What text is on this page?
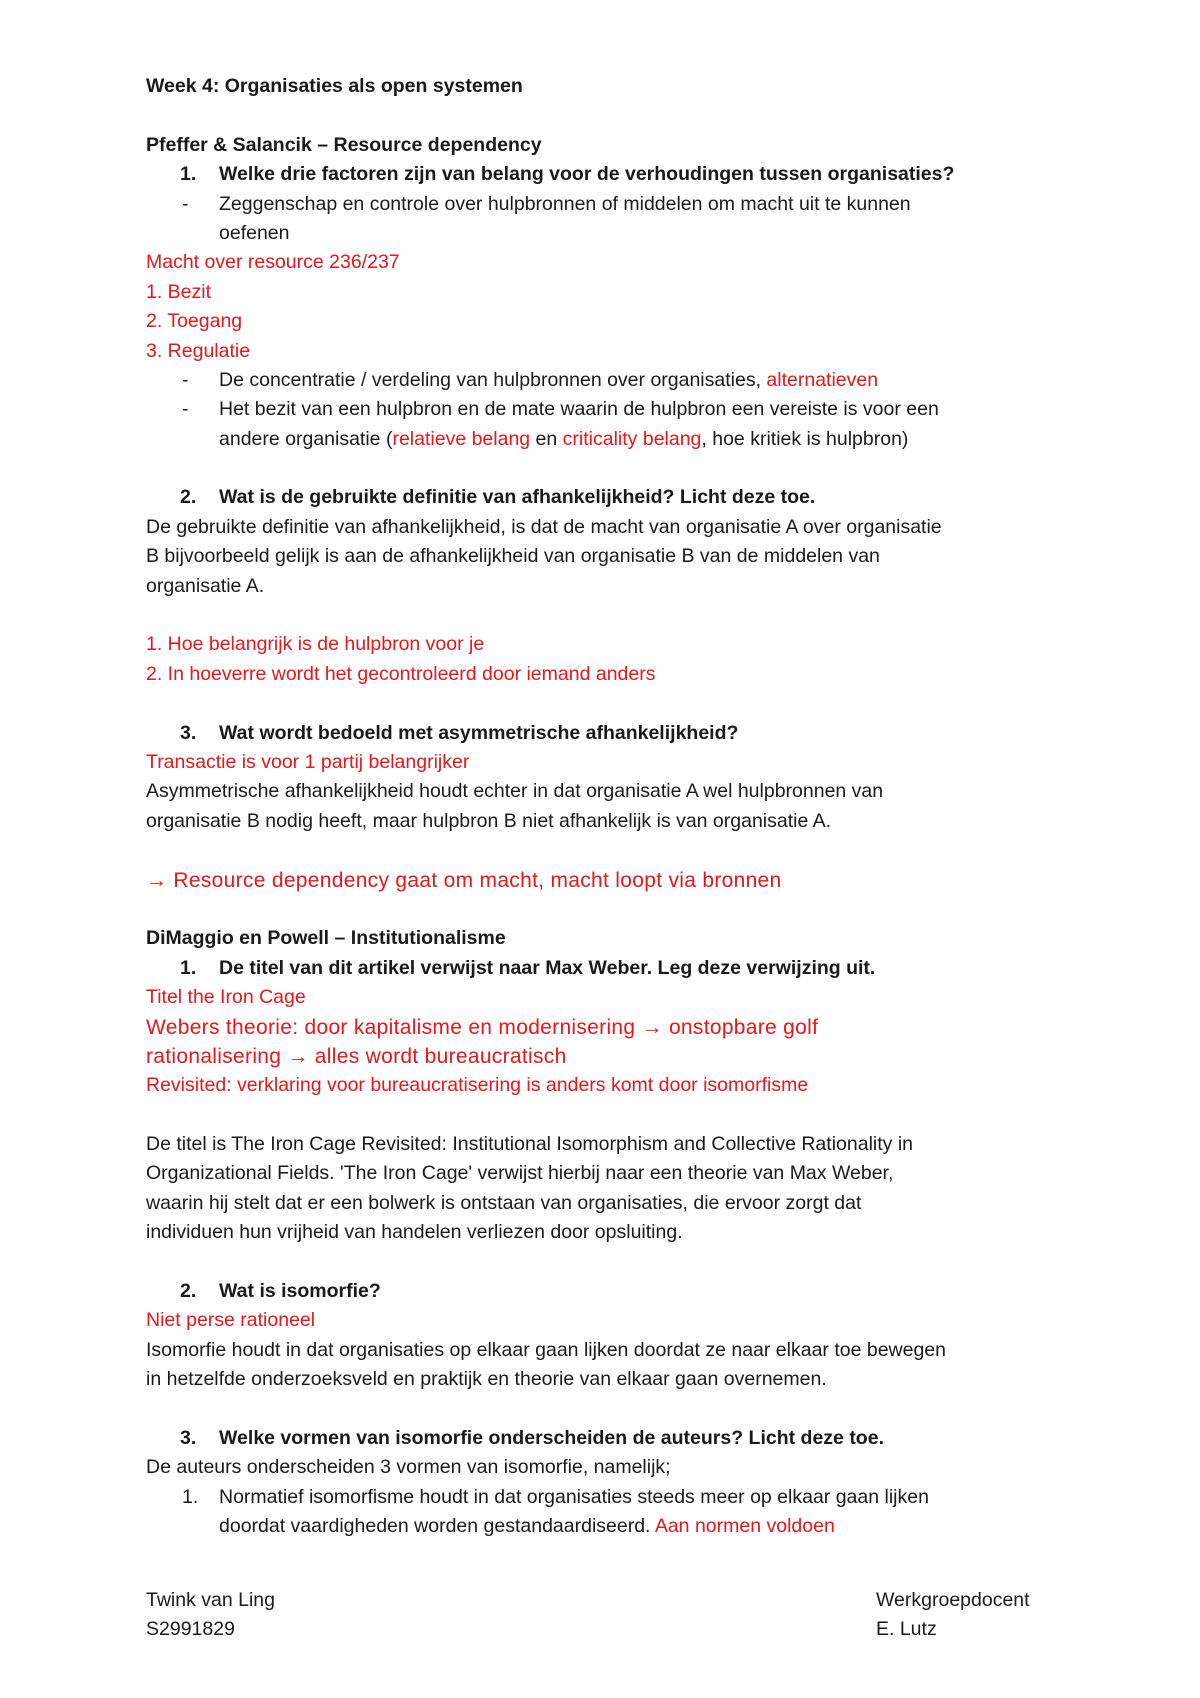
Week 4: Organisaties als open systemen
Pfeffer & Salancik – Resource dependency
1. Welke drie factoren zijn van belang voor de verhoudingen tussen organisaties?
- Zeggenschap en controle over hulpbronnen of middelen om macht uit te kunnen
oefenen
Macht over resource 236/237
1. Bezit
2. Toegang
3. Regulatie
- De concentratie / verdeling van hulpbronnen over organisaties, alternatieven
- Het bezit van een hulpbron en de mate waarin de hulpbron een vereiste is voor een
andere organisatie (relatieve belang en criticality belang, hoe kritiek is hulpbron)
2. Wat is de gebruikte definitie van afhankelijkheid? Licht deze toe.
De gebruikte definitie van afhankelijkheid, is dat de macht van organisatie A over organisatie
B bijvoorbeeld gelijk is aan de afhankelijkheid van organisatie B van de middelen van
organisatie A.
1. Hoe belangrijk is de hulpbron voor je
2. In hoeverre wordt het gecontroleerd door iemand anders
3. Wat wordt bedoeld met asymmetrische afhankelijkheid?
Transactie is voor 1 partij belangrijker
Asymmetrische afhankelijkheid houdt echter in dat organisatie A wel hulpbronnen van
organisatie B nodig heeft, maar hulpbron B niet afhankelijk is van organisatie A.
→ Resource dependency gaat om macht, macht loopt via bronnen
DiMaggio en Powell – Institutionalisme
1. De titel van dit artikel verwijst naar Max Weber. Leg deze verwijzing uit.
Titel the Iron Cage
Webers theorie: door kapitalisme en modernisering → onstopbare golf
rationalisering → alles wordt bureaucratisch
Revisited: verklaring voor bureaucratisering is anders komt door isomorfisme
De titel is The Iron Cage Revisited: Institutional Isomorphism and Collective Rationality in
Organizational Fields. 'The Iron Cage' verwijst hierbij naar een theorie van Max Weber,
waarin hij stelt dat er een bolwerk is ontstaan van organisaties, die ervoor zorgt dat
individuen hun vrijheid van handelen verliezen door opsluiting.
2. Wat is isomorfie?
Niet perse rationeel
Isomorfie houdt in dat organisaties op elkaar gaan lijken doordat ze naar elkaar toe bewegen
in hetzelfde onderzoeksveld en praktijk en theorie van elkaar gaan overnemen.
3. Welke vormen van isomorfie onderscheiden de auteurs? Licht deze toe.
De auteurs onderscheiden 3 vormen van isomorfie, namelijk;
1. Normatief isomorfisme houdt in dat organisaties steeds meer op elkaar gaan lijken
doordat vaardigheden worden gestandaardiseerd. Aan normen voldoen
Twink van Ling
S2991829
Werkgroepdocent
E. Lutz
